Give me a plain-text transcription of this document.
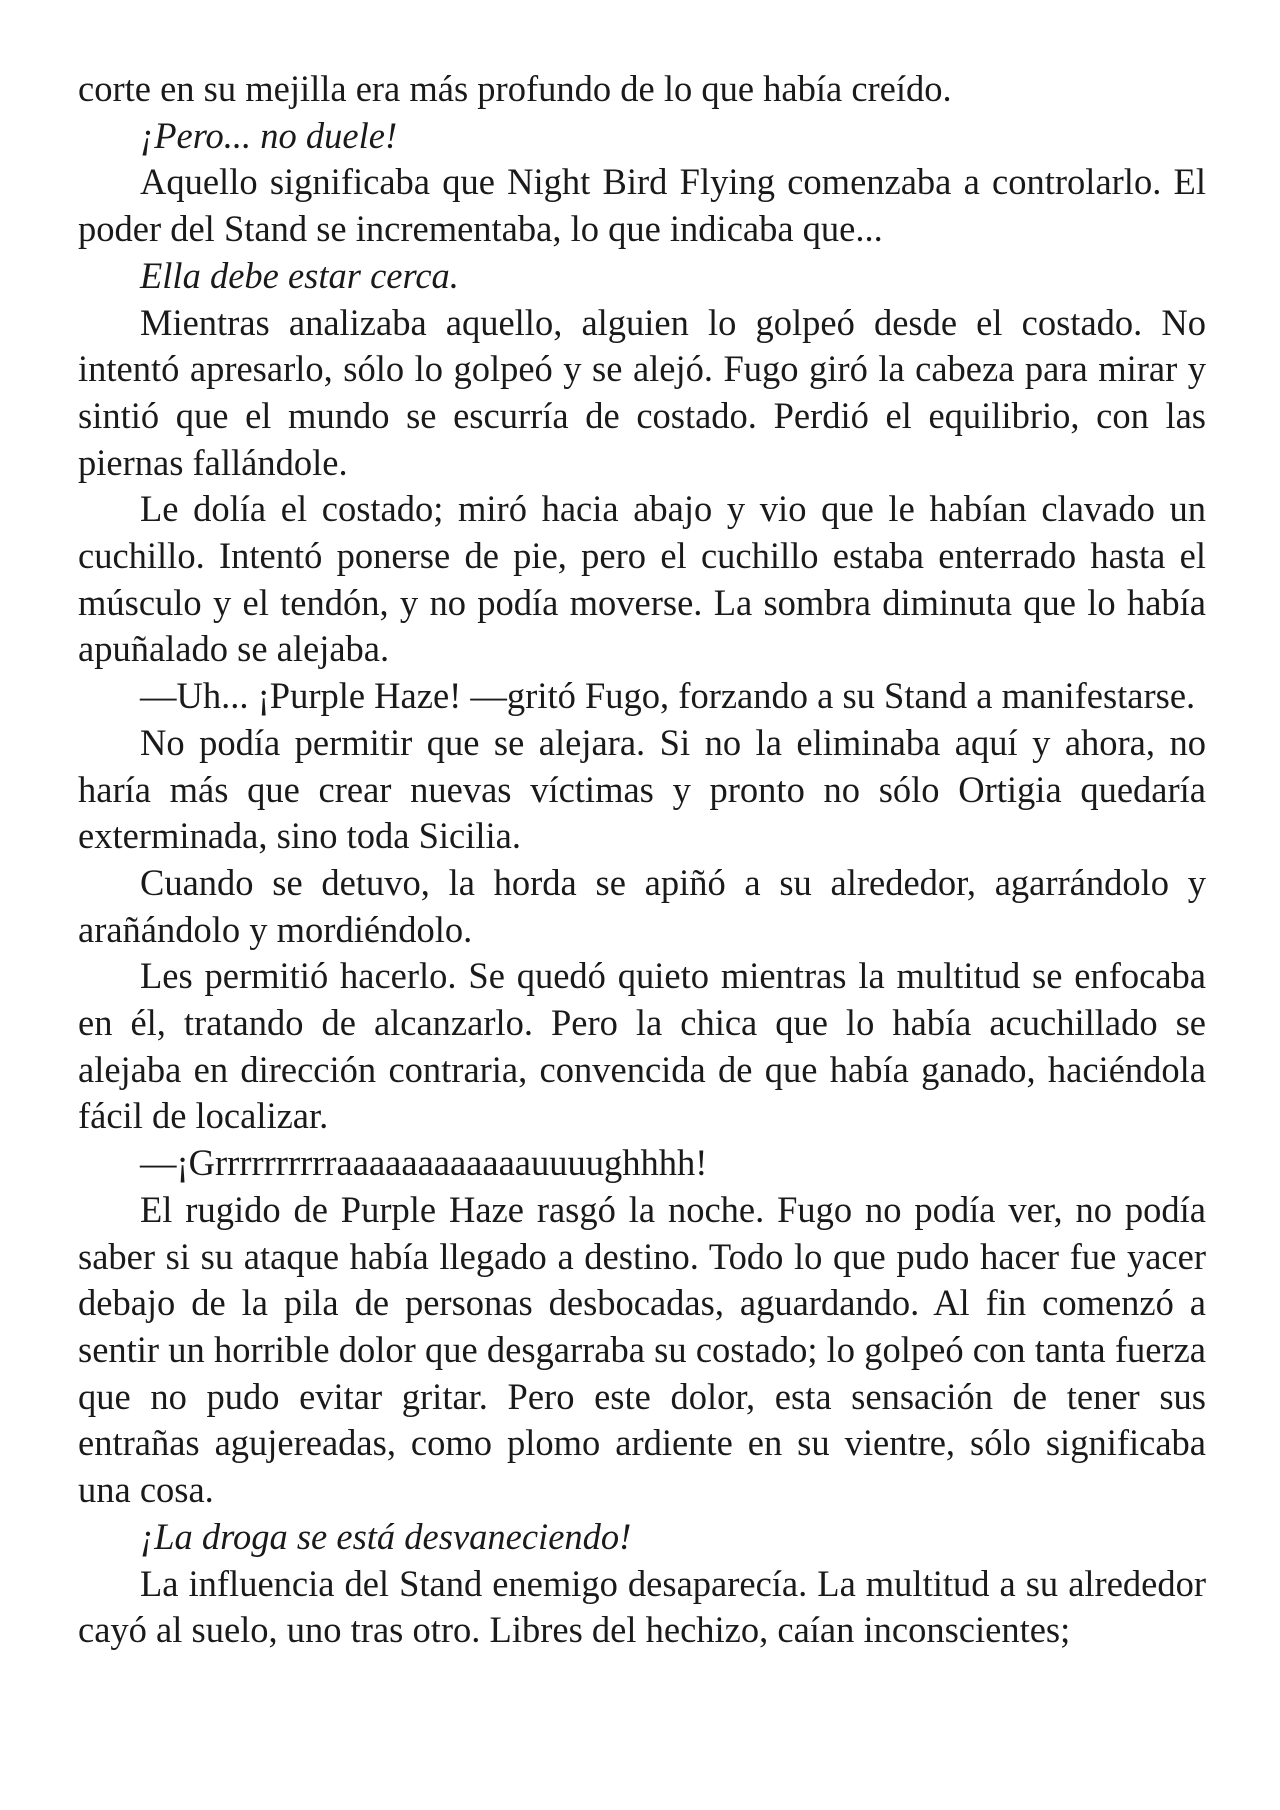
corte en su mejilla era más profundo de lo que había creído.

¡Pero... no duele!

Aquello significaba que Night Bird Flying comenzaba a controlarlo. El poder del Stand se incrementaba, lo que indicaba que...

Ella debe estar cerca.

Mientras analizaba aquello, alguien lo golpeó desde el costado. No intentó apresarlo, sólo lo golpeó y se alejó. Fugo giró la cabeza para mirar y sintió que el mundo se escurría de costado. Perdió el equilibrio, con las piernas fallándole.

Le dolía el costado; miró hacia abajo y vio que le habían clavado un cuchillo. Intentó ponerse de pie, pero el cuchillo estaba enterrado hasta el músculo y el tendón, y no podía moverse. La sombra diminuta que lo había apuñalado se alejaba.

—Uh... ¡Purple Haze! —gritó Fugo, forzando a su Stand a manifestarse.

No podía permitir que se alejara. Si no la eliminaba aquí y ahora, no haría más que crear nuevas víctimas y pronto no sólo Ortigia quedaría exterminada, sino toda Sicilia.

Cuando se detuvo, la horda se apiñó a su alrededor, agarrándolo y arañándolo y mordiéndolo.

Les permitió hacerlo. Se quedó quieto mientras la multitud se enfocaba en él, tratando de alcanzarlo. Pero la chica que lo había acuchillado se alejaba en dirección contraria, convencida de que había ganado, haciéndola fácil de localizar.

—¡Grrrrrrrrrraaaaaaaaaaaauuuughhhh!

El rugido de Purple Haze rasgó la noche. Fugo no podía ver, no podía saber si su ataque había llegado a destino. Todo lo que pudo hacer fue yacer debajo de la pila de personas desbocadas, aguardando. Al fin comenzó a sentir un horrible dolor que desgarraba su costado; lo golpeó con tanta fuerza que no pudo evitar gritar. Pero este dolor, esta sensación de tener sus entrañas agujereadas, como plomo ardiente en su vientre, sólo significaba una cosa.

¡La droga se está desvaneciendo!

La influencia del Stand enemigo desaparecía. La multitud a su alrededor cayó al suelo, uno tras otro. Libres del hechizo, caían inconscientes;
